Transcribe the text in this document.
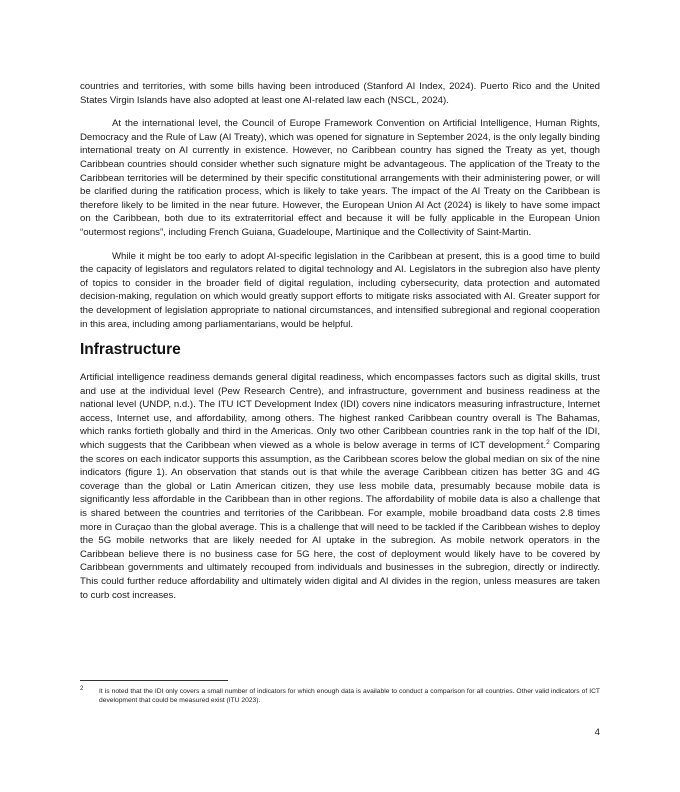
countries and territories, with some bills having been introduced (Stanford AI Index, 2024). Puerto Rico and the United States Virgin Islands have also adopted at least one AI-related law each (NSCL, 2024).

At the international level, the Council of Europe Framework Convention on Artificial Intelligence, Human Rights, Democracy and the Rule of Law (AI Treaty), which was opened for signature in September 2024, is the only legally binding international treaty on AI currently in existence. However, no Caribbean country has signed the Treaty as yet, though Caribbean countries should consider whether such signature might be advantageous. The application of the Treaty to the Caribbean territories will be determined by their specific constitutional arrangements with their administering power, or will be clarified during the ratification process, which is likely to take years. The impact of the AI Treaty on the Caribbean is therefore likely to be limited in the near future. However, the European Union AI Act (2024) is likely to have some impact on the Caribbean, both due to its extraterritorial effect and because it will be fully applicable in the European Union “outermost regions”, including French Guiana, Guadeloupe, Martinique and the Collectivity of Saint-Martin.

While it might be too early to adopt AI-specific legislation in the Caribbean at present, this is a good time to build the capacity of legislators and regulators related to digital technology and AI. Legislators in the subregion also have plenty of topics to consider in the broader field of digital regulation, including cybersecurity, data protection and automated decision-making, regulation on which would greatly support efforts to mitigate risks associated with AI. Greater support for the development of legislation appropriate to national circumstances, and intensified subregional and regional cooperation in this area, including among parliamentarians, would be helpful.

Infrastructure

Artificial intelligence readiness demands general digital readiness, which encompasses factors such as digital skills, trust and use at the individual level (Pew Research Centre), and infrastructure, government and business readiness at the national level (UNDP, n.d.). The ITU ICT Development Index (IDI) covers nine indicators measuring infrastructure, Internet access, Internet use, and affordability, among others. The highest ranked Caribbean country overall is The Bahamas, which ranks fortieth globally and third in the Americas. Only two other Caribbean countries rank in the top half of the IDI, which suggests that the Caribbean when viewed as a whole is below average in terms of ICT development.$^2$ Comparing the scores on each indicator supports this assumption, as the Caribbean scores below the global median on six of the nine indicators (figure 1). An observation that stands out is that while the average Caribbean citizen has better 3G and 4G coverage than the global or Latin American citizen, they use less mobile data, presumably because mobile data is significantly less affordable in the Caribbean than in other regions. The affordability of mobile data is also a challenge that is shared between the countries and territories of the Caribbean. For example, mobile broadband data costs 2.8 times more in Curaçao than the global average. This is a challenge that will need to be tackled if the Caribbean wishes to deploy the 5G mobile networks that are likely needed for AI uptake in the subregion. As mobile network operators in the Caribbean believe there is no business case for 5G here, the cost of deployment would likely have to be covered by Caribbean governments and ultimately recouped from individuals and businesses in the subregion, directly or indirectly. This could further reduce affordability and ultimately widen digital and AI divides in the region, unless measures are taken to curb cost increases.

2 It is noted that the IDI only covers a small number of indicators for which enough data is available to conduct a comparison for all countries. Other valid indicators of ICT development that could be measured exist (ITU 2023).
4
